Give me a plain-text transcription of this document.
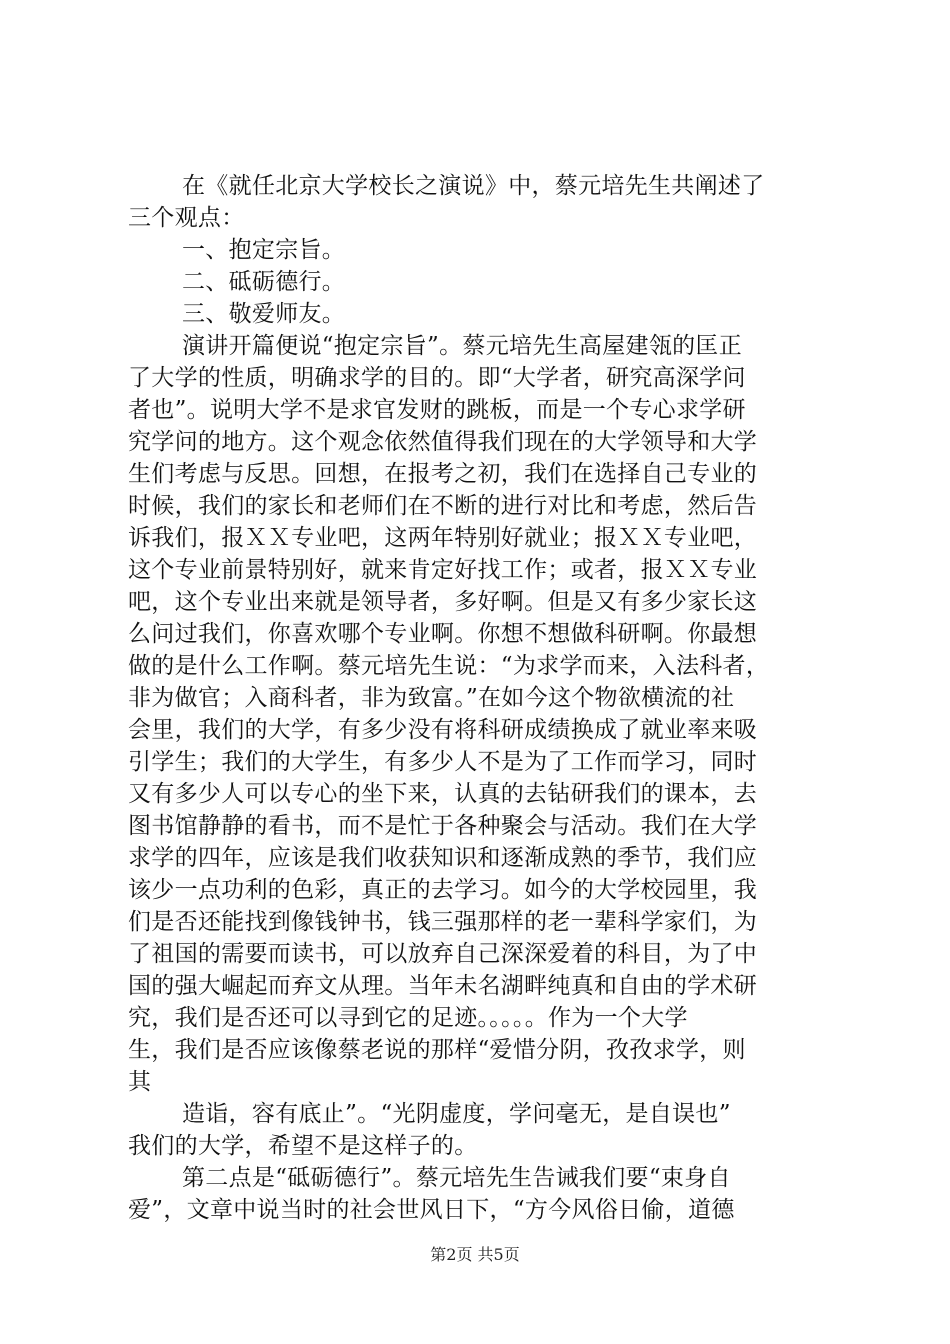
在《就任北京大学校长之演说》中，蔡元培先生共阐述了
三个观点：
一、抱定宗旨。
二、砥砺德行。
三、敬爱师友。
演讲开篇便说“抱定宗旨”。蔡元培先生高屋建瓴的匡正
了大学的性质，明确求学的目的。即“大学者，研究高深学问
者也”。说明大学不是求官发财的跳板，而是一个专心求学研
究学问的地方。这个观念依然值得我们现在的大学领导和大学
生们考虑与反思。回想，在报考之初，我们在选择自己专业的
时候，我们的家长和老师们在不断的进行对比和考虑，然后告
诉我们，报ＸＸ专业吧，这两年特别好就业；报ＸＸ专业吧，
这个专业前景特别好，就来肯定好找工作；或者，报ＸＸ专业
吧，这个专业出来就是领导者，多好啊。但是又有多少家长这
么问过我们，你喜欢哪个专业啊。你想不想做科研啊。你最想
做的是什么工作啊。蔡元培先生说：“为求学而来，入法科者，
非为做官；入商科者，非为致富。”在如今这个物欲横流的社
会里，我们的大学，有多少没有将科研成绩换成了就业率来吸
引学生；我们的大学生，有多少人不是为了工作而学习，同时
又有多少人可以专心的坐下来，认真的去钻研我们的课本，去
图书馆静静的看书，而不是忙于各种聚会与活动。我们在大学
求学的四年，应该是我们收获知识和逐渐成熟的季节，我们应
该少一点功利的色彩，真正的去学习。如今的大学校园里，我
们是否还能找到像钱钟书，钱三强那样的老一辈科学家们，为
了祖国的需要而读书，可以放弃自己深深爱着的科目，为了中
国的强大崛起而弃文从理。当年未名湖畔纯真和自由的学术研
究，我们是否还可以寻到它的足迹。。。。。作为一个大学
生，我们是否应该像蔡老说的那样“爱惜分阴，孜孜求学，则
其
造诣，容有底止”。“光阴虚度，学问毫无，是自误也”
我们的大学，希望不是这样子的。
第二点是“砥砺德行”。蔡元培先生告诫我们要“束身自
爱”，文章中说当时的社会世风日下，“方今风俗日偷，道德
第2页 共5页
